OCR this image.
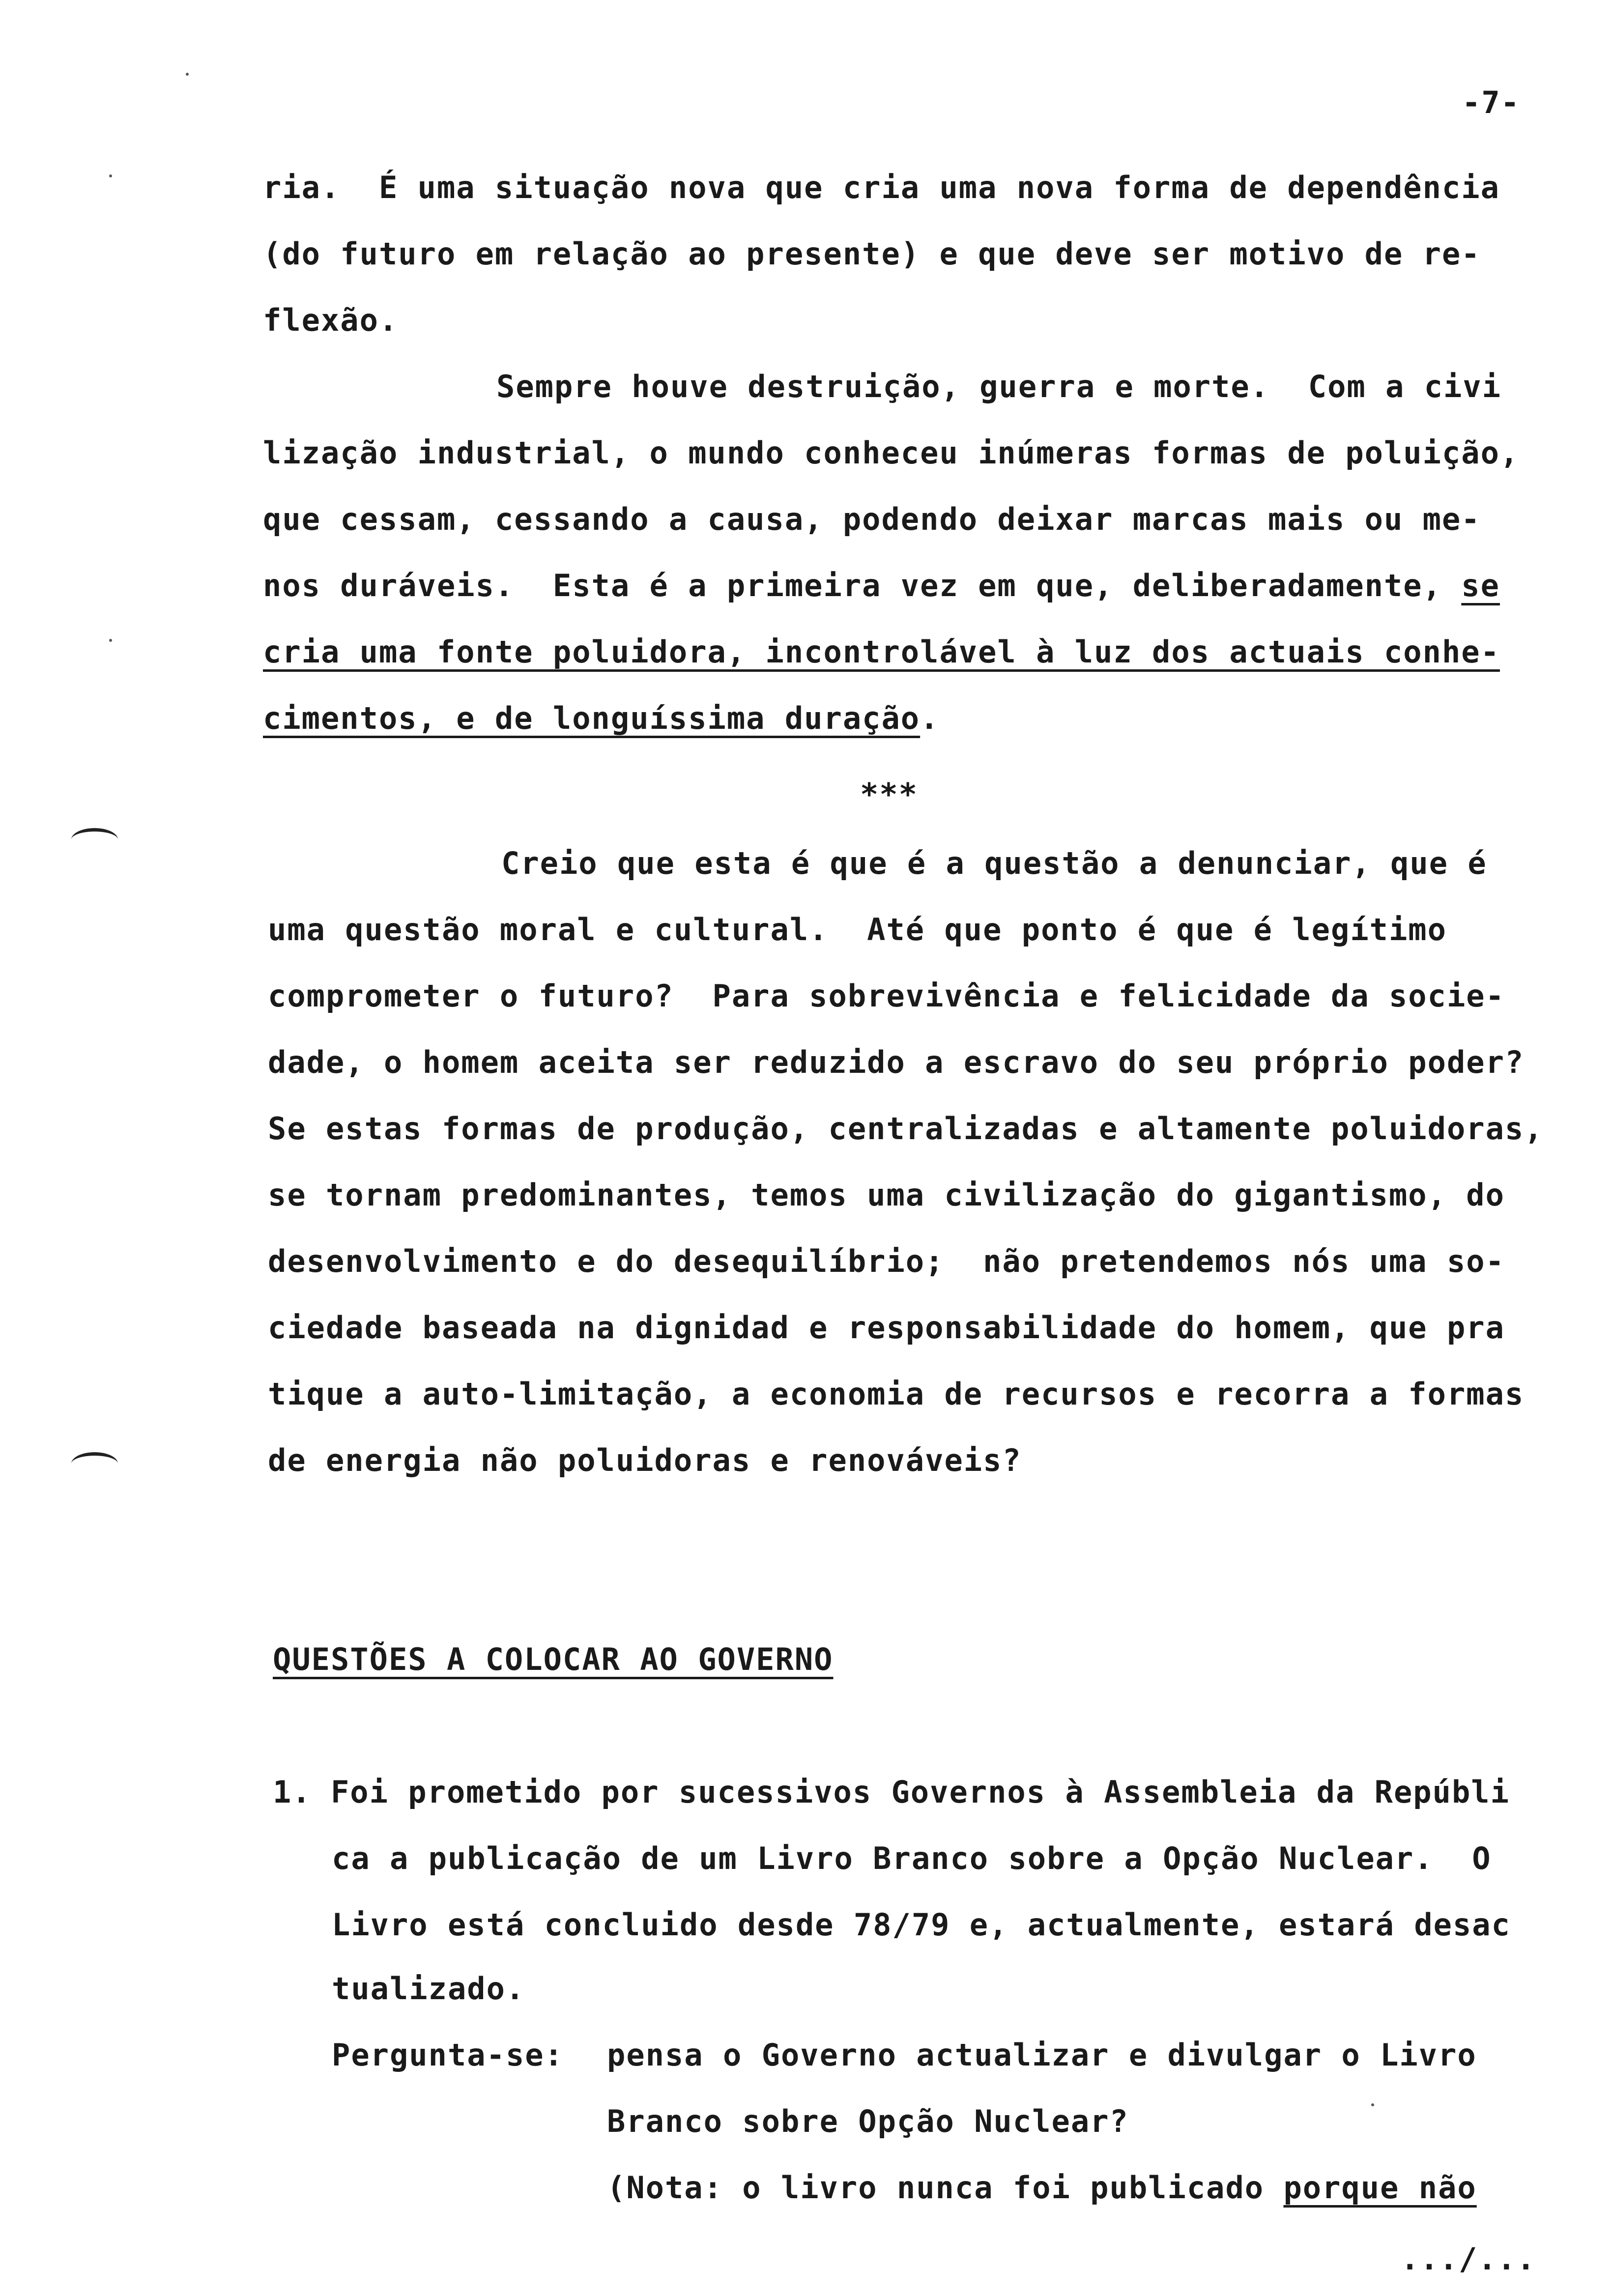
-7-

ria.  É uma situação nova que cria uma nova forma de dependência

(do futuro em relação ao presente) e que deve ser motivo de re-

flexão.

Sempre houve destruição, guerra e morte.  Com a civi

lização industrial, o mundo conheceu inúmeras formas de poluição,

que cessam, cessando a causa, podendo deixar marcas mais ou me-

nos duráveis.  Esta é a primeira vez em que, deliberadamente, se

cria uma fonte poluidora, incontrolável à luz dos actuais conhe-

cimentos, e de longuíssima duração.

***

Creio que esta é que é a questão a denunciar, que é

uma questão moral e cultural.  Até que ponto é que é legítimo

comprometer o futuro?  Para sobrevivência e felicidade da socie-

dade, o homem aceita ser reduzido a escravo do seu próprio poder?

Se estas formas de produção, centralizadas e altamente poluidoras,

se tornam predominantes, temos uma civilização do gigantismo, do

desenvolvimento e do desequilíbrio;  não pretendemos nós uma so-

ciedade baseada na dignidad e responsabilidade do homem, que pra

tique a auto-limitação, a economia de recursos e recorra a formas

de energia não poluidoras e renováveis?

QUESTÕES A COLOCAR AO GOVERNO

1. Foi prometido por sucessivos Governos à Assembleia da Repúbli

ca a publicação de um Livro Branco sobre a Opção Nuclear.  O

Livro está concluido desde 78/79 e, actualmente, estará desac

tualizado.

Pergunta-se: pensa o Governo actualizar e divulgar o Livro

Branco sobre Opção Nuclear?

(Nota: o livro nunca foi publicado porque não

.../...
